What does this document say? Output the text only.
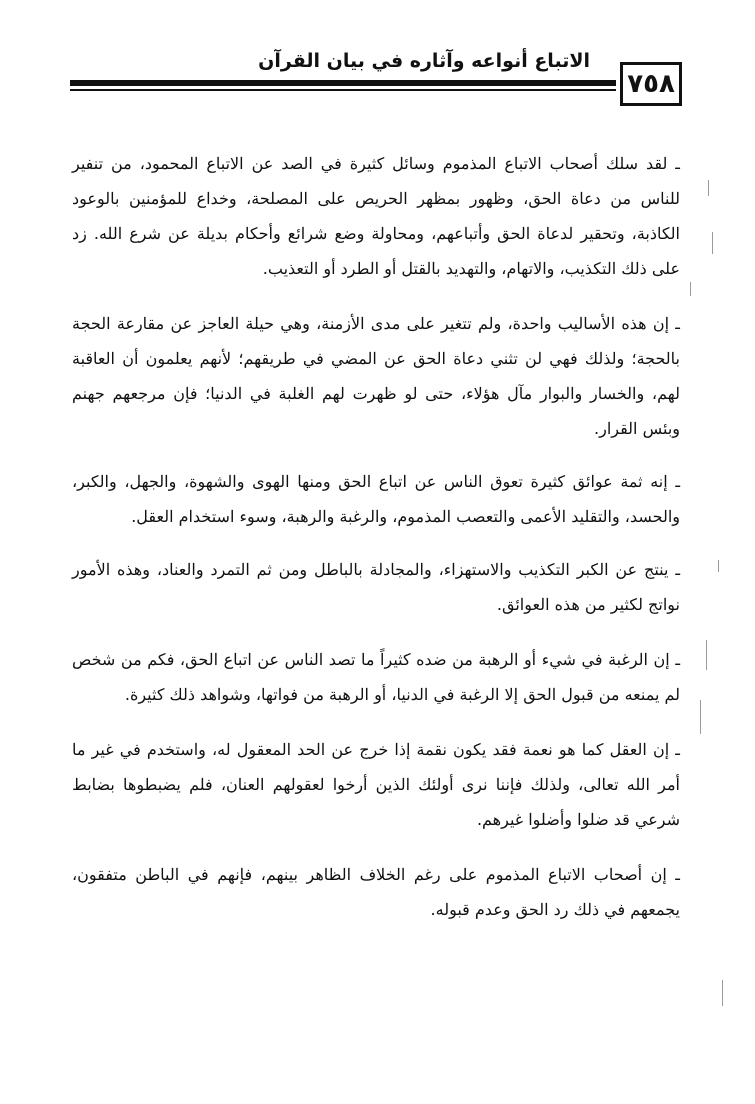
الاتباع أنواعه وآثاره في بيان القرآن
٧٥٨

ـ لقد سلك أصحاب الاتباع المذموم وسائل كثيرة في الصد عن الاتباع المحمود، من تنفير للناس من دعاة الحق، وظهور بمظهر الحريص على المصلحة، وخداع للمؤمنين بالوعود الكاذبة، وتحقير لدعاة الحق وأتباعهم، ومحاولة وضع شرائع وأحكام بديلة عن شرع الله. زد على ذلك التكذيب، والاتهام، والتهديد بالقتل أو الطرد أو التعذيب.

ـ إن هذه الأساليب واحدة، ولم تتغير على مدى الأزمنة، وهي حيلة العاجز عن مقارعة الحجة بالحجة؛ ولذلك فهي لن تثني دعاة الحق عن المضي في طريقهم؛ لأنهم يعلمون أن العاقبة لهم، والخسار والبوار مآل هؤلاء، حتى لو ظهرت لهم الغلبة في الدنيا؛ فإن مرجعهم جهنم وبئس القرار.

ـ إنه ثمة عوائق كثيرة تعوق الناس عن اتباع الحق ومنها الهوى والشهوة، والجهل، والكبر، والحسد، والتقليد الأعمى والتعصب المذموم، والرغبة والرهبة، وسوء استخدام العقل.

ـ ينتج عن الكبر التكذيب والاستهزاء، والمجادلة بالباطل ومن ثم التمرد والعناد، وهذه الأمور نواتج لكثير من هذه العوائق.

ـ إن الرغبة في شيء أو الرهبة من ضده كثيراً ما تصد الناس عن اتباع الحق، فكم من شخص لم يمنعه من قبول الحق إلا الرغبة في الدنيا، أو الرهبة من فواتها، وشواهد ذلك كثيرة.

ـ إن العقل كما هو نعمة فقد يكون نقمة إذا خرج عن الحد المعقول له، واستخدم في غير ما أمر الله تعالى، ولذلك فإننا نرى أولئك الذين أرخوا لعقولهم العنان، فلم يضبطوها بضابط شرعي قد ضلوا وأضلوا غيرهم.

ـ إن أصحاب الاتباع المذموم على رغم الخلاف الظاهر بينهم، فإنهم في الباطن متفقون، يجمعهم في ذلك رد الحق وعدم قبوله.
